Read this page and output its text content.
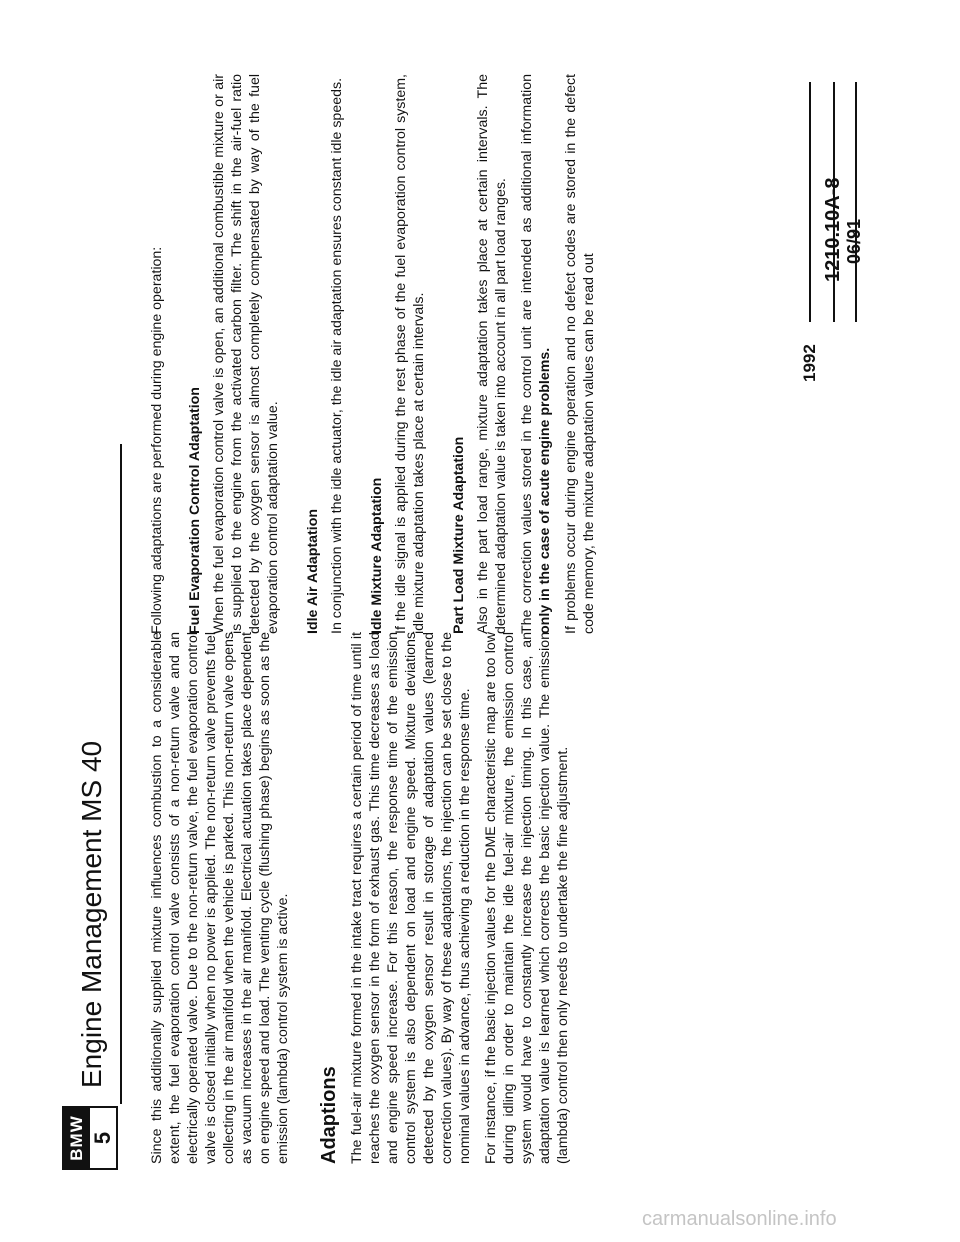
BMW 5
Engine Management MS 40
1992
1210.10A-8 06/91

Since this additionally supplied mixture influences combustion to a considerable extent, the fuel evaporation control valve consists of a non-return valve and an electrically operated valve. Due to the non-return valve, the fuel evaporation control valve is closed initially when no power is applied. The non-return valve prevents fuel collecting in the air manifold when the vehicle is parked. This non-return valve opens as vacuum increases in the air manifold. Electrical actuation takes place dependent on engine speed and load. The venting cycle (flushing phase) begins as soon as the emission (lambda) control system is active. Adaptions The fuel-air mixture formed in the intake tract requires a certain period of time until it reaches the oxygen sensor in the form of exhaust gas. This time decreases as load and engine speed increase. For this reason, the response time of the emission control system is also dependent on load and engine speed. Mixture deviations detected by the oxygen sensor result in storage of adaptation values (learned correction values). By way of these adaptations, the injection can be set close to the nominal values in advance, thus achieving a reduction in the response time. For instance, if the basic injection values for the DME characteristic map are too low during idling in order to maintain the idle fuel-air mixture, the emission control system would have to constantly increase the injection timing. In this case, an adaptation value is learned which corrects the basic injection value. The emission (lambda) control then only needs to undertake the fine adjustment.

Following adaptations are performed during engine operation: Fuel Evaporation Control Adaptation When the fuel evaporation control valve is open, an additional combustible mixture or air is supplied to the engine from the activated carbon filter. The shift in the air-fuel ratio detected by the oxygen sensor is almost completely compensated by way of the fuel evaporation control adaptation value. Idle Air Adaptation In conjunction with the idle actuator, the idle air adaptation ensures constant idle speeds. Idle Mixture Adaptation If the idle signal is applied during the rest phase of the fuel evaporation control system, idle mixture adaptation takes place at certain intervals. Part Load Mixture Adaptation Also in the part load range, mixture adaptation takes place at certain intervals. The determined adaptation value is taken into account in all part load ranges. The correction values stored in the control unit are intended as additional information only in the case of acute engine problems. If problems occur during engine operation and no defect codes are stored in the defect code memory, the mixture adaptation values can be read out

carmanualsonline.info
